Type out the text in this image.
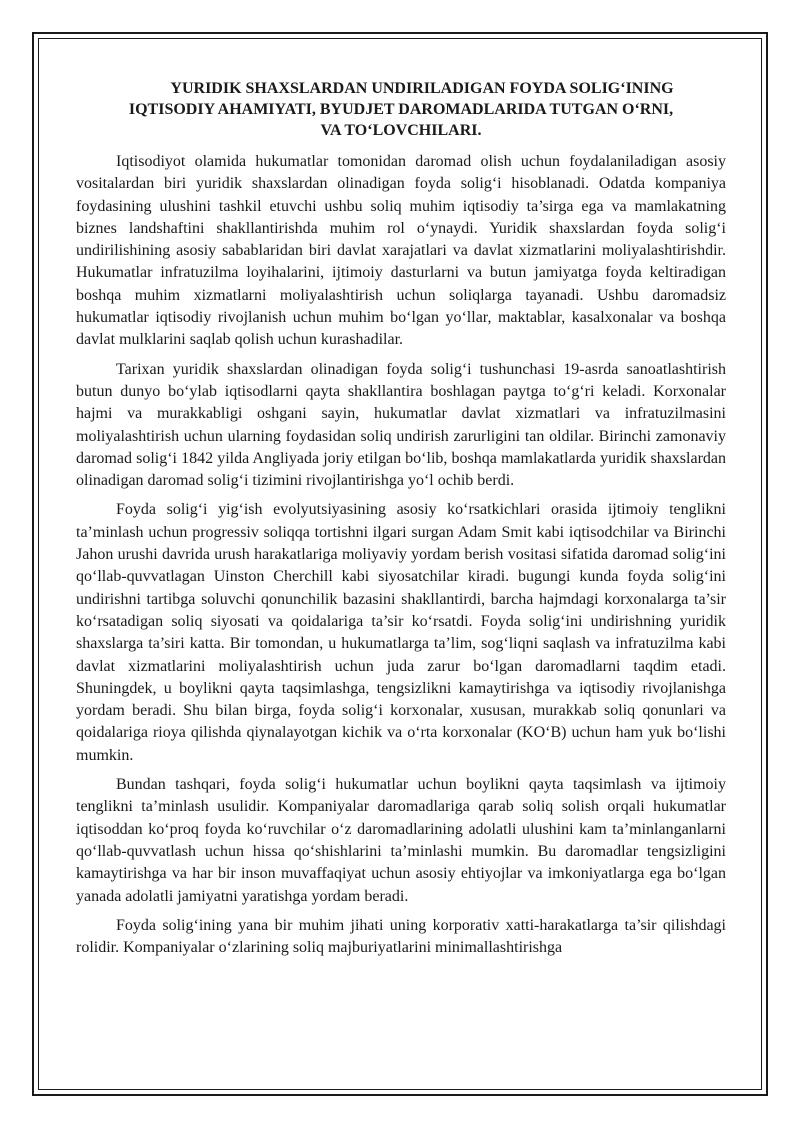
YURIDIK SHAXSLARDAN UNDIRILADIGAN FOYDA SOLIG‘INING
IQTISODIY AHAMIYATI, BYUDJET DAROMADLARIDA TUTGAN O‘RNI,
VA TO‘LOVCHILARI.

Iqtisodiyot olamida hukumatlar tomonidan daromad olish uchun foydalaniladigan asosiy vositalardan biri yuridik shaxslardan olinadigan foyda solig‘i hisoblanadi. Odatda kompaniya foydasining ulushini tashkil etuvchi ushbu soliq muhim iqtisodiy ta’sirga ega va mamlakatning biznes landshaftini shakllantirishda muhim rol o‘ynaydi. Yuridik shaxslardan foyda solig‘i undirilishining asosiy sabablaridan biri davlat xarajatlari va davlat xizmatlarini moliyalashtirishdir. Hukumatlar infratuzilma loyihalarini, ijtimoiy dasturlarni va butun jamiyatga foyda keltiradigan boshqa muhim xizmatlarni moliyalashtirish uchun soliqlarga tayanadi. Ushbu daromadsiz hukumatlar iqtisodiy rivojlanish uchun muhim bo‘lgan yo‘llar, maktablar, kasalxonalar va boshqa davlat mulklarini saqlab qolish uchun kurashadilar.

Tarixan yuridik shaxslardan olinadigan foyda solig‘i tushunchasi 19-asrda sanoatlashtirish butun dunyo bo‘ylab iqtisodlarni qayta shakllantira boshlagan paytga to‘g‘ri keladi. Korxonalar hajmi va murakkabligi oshgani sayin, hukumatlar davlat xizmatlari va infratuzilmasini moliyalashtirish uchun ularning foydasidan soliq undirish zarurligini tan oldilar. Birinchi zamonaviy daromad solig‘i 1842 yilda Angliyada joriy etilgan bo‘lib, boshqa mamlakatlarda yuridik shaxslardan olinadigan daromad solig‘i tizimini rivojlantirishga yo‘l ochib berdi.

Foyda solig‘i yig‘ish evolyutsiyasining asosiy ko‘rsatkichlari orasida ijtimoiy tenglikni ta’minlash uchun progressiv soliqqa tortishni ilgari surgan Adam Smit kabi iqtisodchilar va Birinchi Jahon urushi davrida urush harakatlariga moliyaviy yordam berish vositasi sifatida daromad solig‘ini qo‘llab-quvvatlagan Uinston Cherchill kabi siyosatchilar kiradi. bugungi kunda foyda solig‘ini undirishni tartibga soluvchi qonunchilik bazasini shakllantirdi, barcha hajmdagi korxonalarga ta’sir ko‘rsatadigan soliq siyosati va qoidalariga ta’sir ko‘rsatdi. Foyda solig‘ini undirishning yuridik shaxslarga ta’siri katta. Bir tomondan, u hukumatlarga ta’lim, sog‘liqni saqlash va infratuzilma kabi davlat xizmatlarini moliyalashtirish uchun juda zarur bo‘lgan daromadlarni taqdim etadi. Shuningdek, u boylikni qayta taqsimlashga, tengsizlikni kamaytirishga va iqtisodiy rivojlanishga yordam beradi. Shu bilan birga, foyda solig‘i korxonalar, xususan, murakkab soliq qonunlari va qoidalariga rioya qilishda qiynalayotgan kichik va o‘rta korxonalar (KO‘B) uchun ham yuk bo‘lishi mumkin.

Bundan tashqari, foyda solig‘i hukumatlar uchun boylikni qayta taqsimlash va ijtimoiy tenglikni ta’minlash usulidir. Kompaniyalar daromadlariga qarab soliq solish orqali hukumatlar iqtisoddan ko‘proq foyda ko‘ruvchilar o‘z daromadlarining adolatli ulushini kam ta’minlanganlarni qo‘llab-quvvatlash uchun hissa qo‘shishlarini ta’minlashi mumkin. Bu daromadlar tengsizligini kamaytirishga va har bir inson muvaffaqiyat uchun asosiy ehtiyojlar va imkoniyatlarga ega bo‘lgan yanada adolatli jamiyatni yaratishga yordam beradi.

Foyda solig‘ining yana bir muhim jihati uning korporativ xatti-harakatlarga ta’sir qilishdagi rolidir. Kompaniyalar o‘zlarining soliq majburiyatlarini minimallashtirishga
